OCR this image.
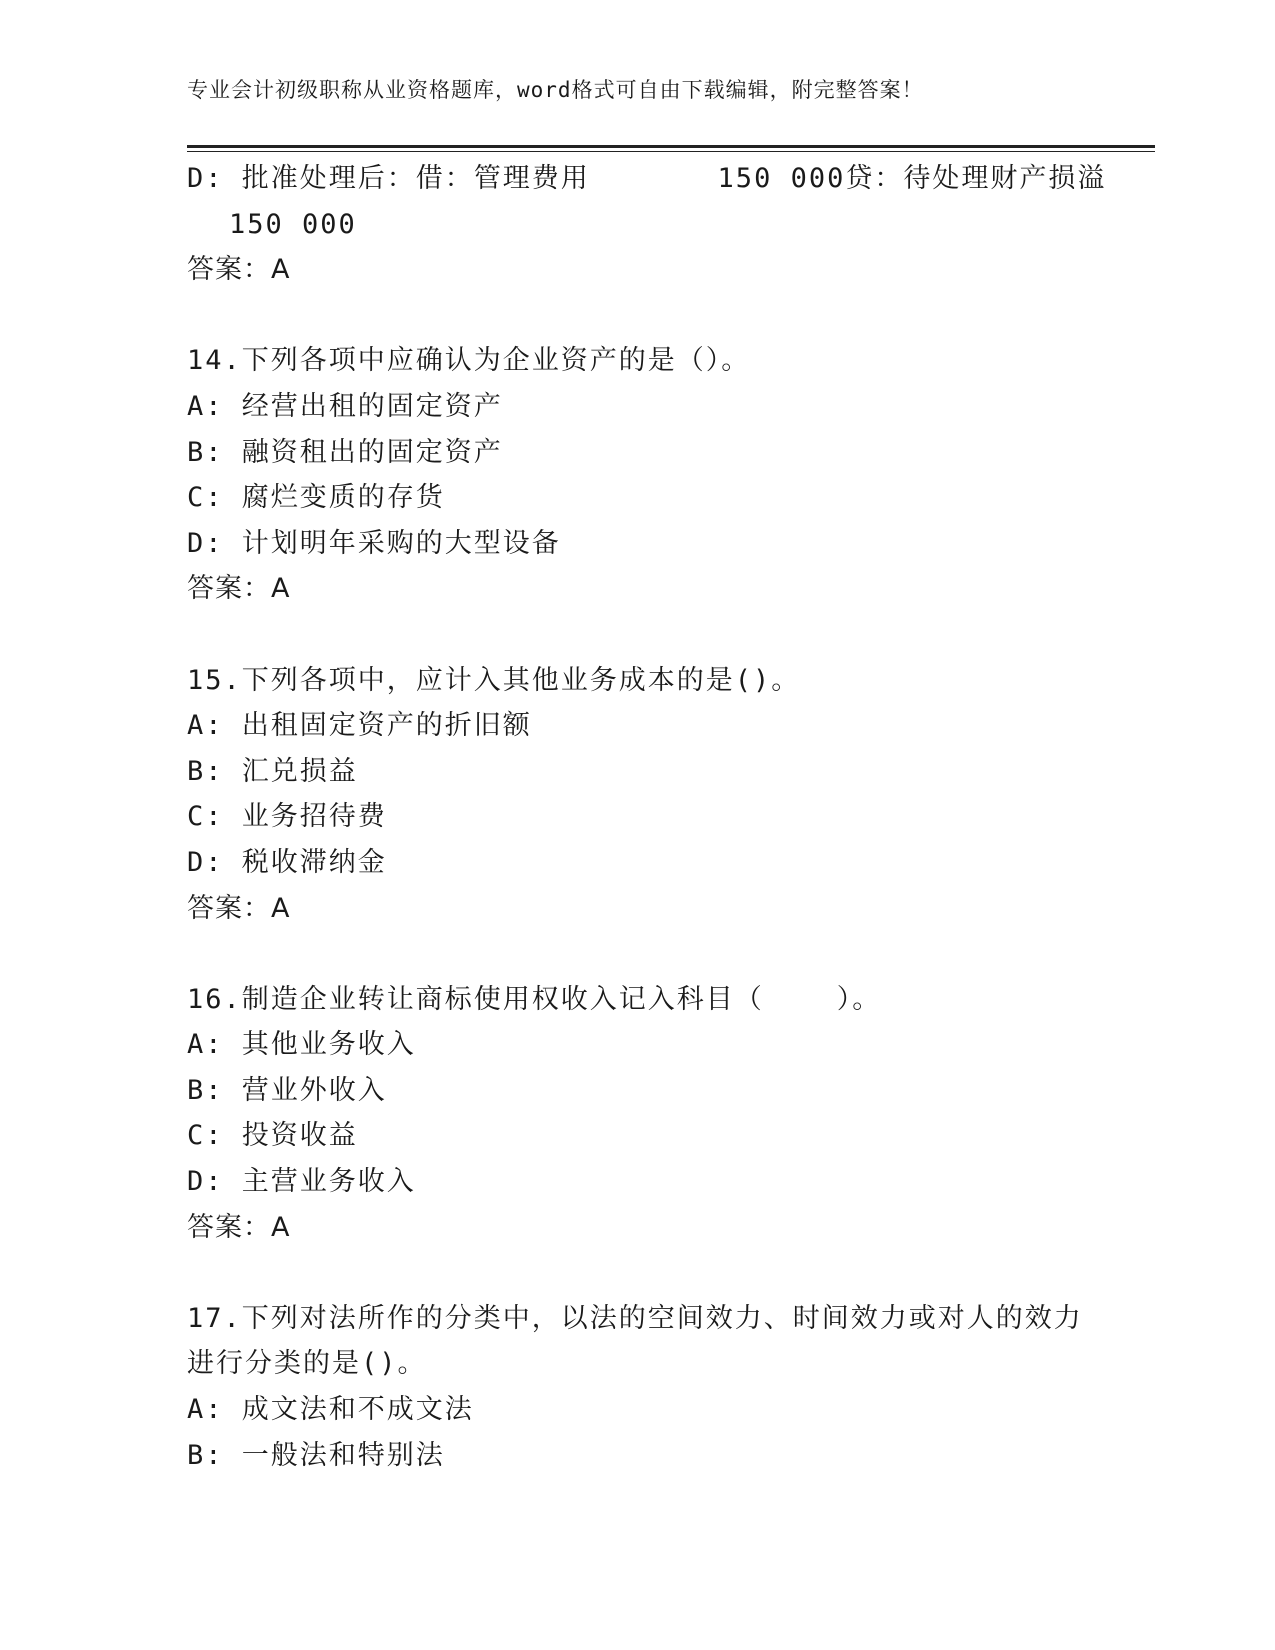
专业会计初级职称从业资格题库，word格式可自由下载编辑，附完整答案！
D: 批准处理后：借：管理费用       150 000贷：待处理财产损溢
150 000
答案：A
14.下列各项中应确认为企业资产的是（）。
A: 经营出租的固定资产
B: 融资租出的固定资产
C: 腐烂变质的存货
D: 计划明年采购的大型设备
答案：A
15.下列各项中，应计入其他业务成本的是()。
A: 出租固定资产的折旧额
B: 汇兑损益
C: 业务招待费
D: 税收滞纳金
答案：A
16.制造企业转让商标使用权收入记入科目（    ）。
A: 其他业务收入
B: 营业外收入
C: 投资收益
D: 主营业务收入
答案：A
17.下列对法所作的分类中，以法的空间效力、时间效力或对人的效力
进行分类的是()。
A: 成文法和不成文法
B: 一般法和特别法
